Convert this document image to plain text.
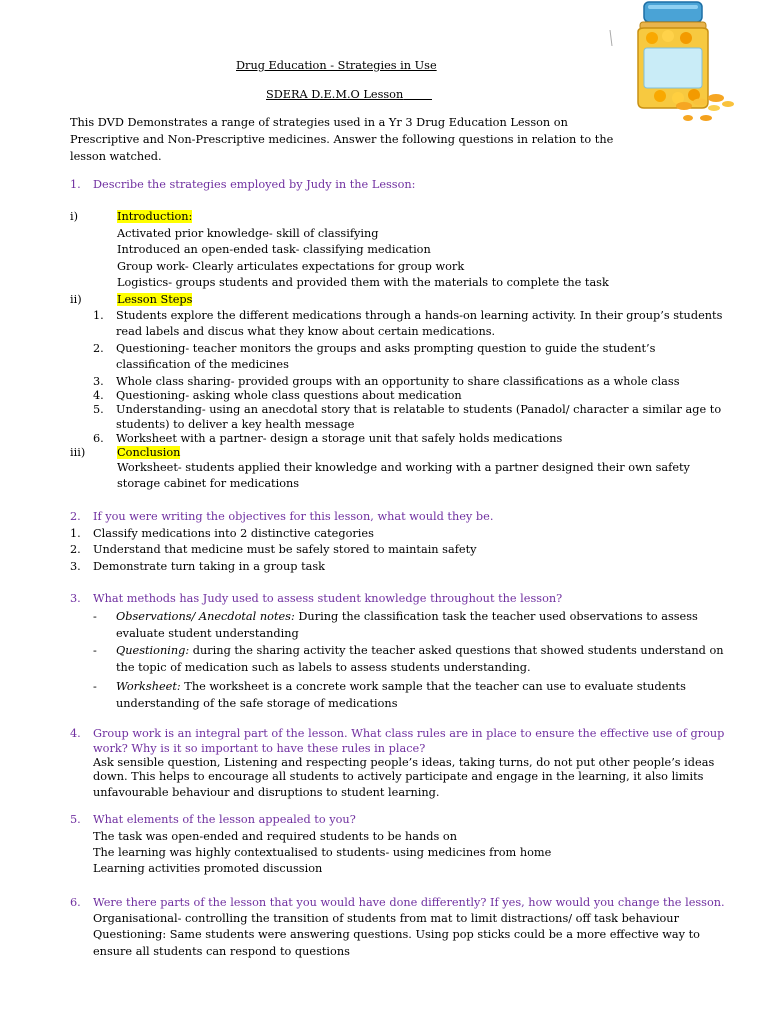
Drug Education - Strategies in Use
SDERA D.E.M.O Lesson
This DVD Demonstrates a range of strategies used in a Yr 3 Drug Education Lesson on
Prescriptive and Non-Prescriptive medicines. Answer the following questions in relation to the
lesson watched.
1. Describe the strategies employed by Judy in the Lesson:
i)	Introduction:
Activated prior knowledge- skill of classifying
Introduced an open-ended task- classifying medication
Group work- Clearly articulates expectations for group work
Logistics- groups students and provided them with the materials to complete the task
ii)	Lesson Steps
1. Students explore the different medications through a hands-on learning activity. In their group’s students
read labels and discus what they know about certain medications.
2. Questioning- teacher monitors the groups and asks prompting question to guide the student’s
classification of the medicines
3. Whole class sharing- provided groups with an opportunity to share classifications as a whole class
4. Questioning- asking whole class questions about medication
5. Understanding- using an anecdotal story that is relatable to students (Panadol/ character a similar age to
students) to deliver a key health message
6. Worksheet with a partner- design a storage unit that safely holds medications
iii)	Conclusion
Worksheet- students applied their knowledge and working with a partner designed their own safety
storage cabinet for medications
2. If you were writing the objectives for this lesson, what would they be.
1. Classify medications into 2 distinctive categories
2. Understand that medicine must be safely stored to maintain safety
3. Demonstrate turn taking in a group task
3. What methods has Judy used to assess student knowledge throughout the lesson?
- Observations/ Anecdotal notes: During the classification task the teacher used observations to assess
evaluate student understanding
- Questioning: during the sharing activity the teacher asked questions that showed students understand on
the topic of medication such as labels to assess students understanding.
- Worksheet: The worksheet is a concrete work sample that the teacher can use to evaluate students
understanding of the safe storage of medications
4. Group work is an integral part of the lesson. What class rules are in place to ensure the effective use of group
work? Why is it so important to have these rules in place?
Ask sensible question, Listening and respecting people’s ideas, taking turns, do not put other people’s ideas
down. This helps to encourage all students to actively participate and engage in the learning, it also limits
unfavourable behaviour and disruptions to student learning.
5. What elements of the lesson appealed to you?
The task was open-ended and required students to be hands on
The learning was highly contextualised to students- using medicines from home
Learning activities promoted discussion
6. Were there parts of the lesson that you would have done differently? If yes, how would you change the lesson.
Organisational- controlling the transition of students from mat to limit distractions/ off task behaviour
Questioning: Same students were answering questions. Using pop sticks could be a more effective way to
ensure all students can respond to questions
